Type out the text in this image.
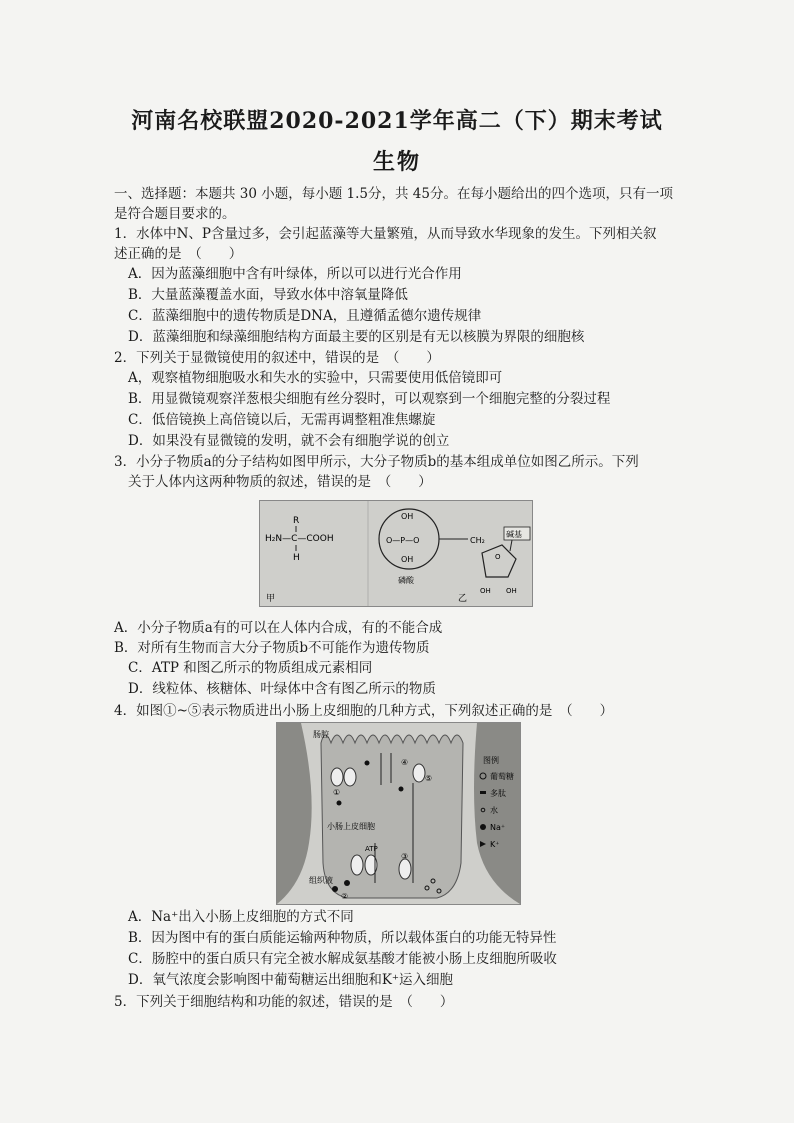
河南名校联盟2020-2021学年高二（下）期末考试
生物
一、选择题：本题共 30 小题，每小题 1.5分，共 45分。在每小题给出的四个选项，只有一项
是符合题目要求的。
1．水体中N、P含量过多，会引起蓝藻等大量繁殖，从而导致水华现象的发生。下列相关叙
述正确的是　（　　）
A．因为蓝藻细胞中含有叶绿体，所以可以进行光合作用
B．大量蓝藻覆盖水面，导致水体中溶氧量降低
C．蓝藻细胞中的遗传物质是DNA，且遵循孟德尔遗传规律
D．蓝藻细胞和绿藻细胞结构方面最主要的区别是有无以核膜为界限的细胞核
2．下列关于显微镜使用的叙述中，错误的是　（　　）
A，观察植物细胞吸水和失水的实验中，只需要使用低倍镜即可
B．用显微镜观察洋葱根尖细胞有丝分裂时，可以观察到一个细胞完整的分裂过程
C．低倍镜换上高倍镜以后，无需再调整粗准焦螺旋
D．如果没有显微镜的发明，就不会有细胞学说的创立
3．小分子物质a的分子结构如图甲所示，大分子物质b的基本组成单位如图乙所示。下列
关于人体内这两种物质的叙述，错误的是　（　　）
R
H₂N—C—COOH
H
甲
OH
O—P—O
OH
磷酸
CH₂
O
碱基
OH OH
乙
A．小分子物质a有的可以在人体内合成，有的不能合成
B．对所有生物而言大分子物质b不可能作为遗传物质
C．ATP 和图乙所示的物质组成元素相同
D．线粒体、核糖体、叶绿体中含有图乙所示的物质
4．如图①~⑤表示物质进出小肠上皮细胞的几种方式，下列叙述正确的是　（　　）
肠腔
①
④
⑤
小肠上皮细胞
ATP
③
②
组织液
图例
葡萄糖
多肽
水
Na⁺
K⁺
A．Na⁺出入小肠上皮细胞的方式不同
B．因为图中有的蛋白质能运输两种物质，所以载体蛋白的功能无特异性
C．肠腔中的蛋白质只有完全被水解成氨基酸才能被小肠上皮细胞所吸收
D．氧气浓度会影响图中葡萄糖运出细胞和K⁺运入细胞
5．下列关于细胞结构和功能的叙述，错误的是　（　　）
